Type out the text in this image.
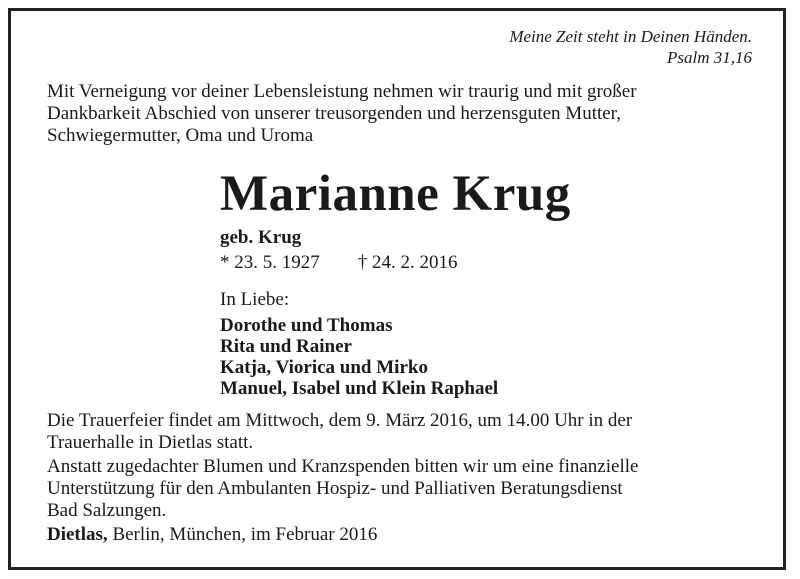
Meine Zeit steht in Deinen Händen.
Psalm 31,16
Mit Verneigung vor deiner Lebensleistung nehmen wir traurig und mit großer
Dankbarkeit Abschied von unserer treusorgenden und herzensguten Mutter,
Schwiegermutter, Oma und Uroma
Marianne Krug
geb. Krug
* 23. 5. 1927 † 24. 2. 2016
In Liebe:
Dorothe und Thomas
Rita und Rainer
Katja, Viorica und Mirko
Manuel, Isabel und Klein Raphael
Die Trauerfeier findet am Mittwoch, dem 9. März 2016, um 14.00 Uhr in der
Trauerhalle in Dietlas statt.
Anstatt zugedachter Blumen und Kranzspenden bitten wir um eine finanzielle
Unterstützung für den Ambulanten Hospiz- und Palliativen Beratungsdienst
Bad Salzungen.
Dietlas, Berlin, München, im Februar 2016
